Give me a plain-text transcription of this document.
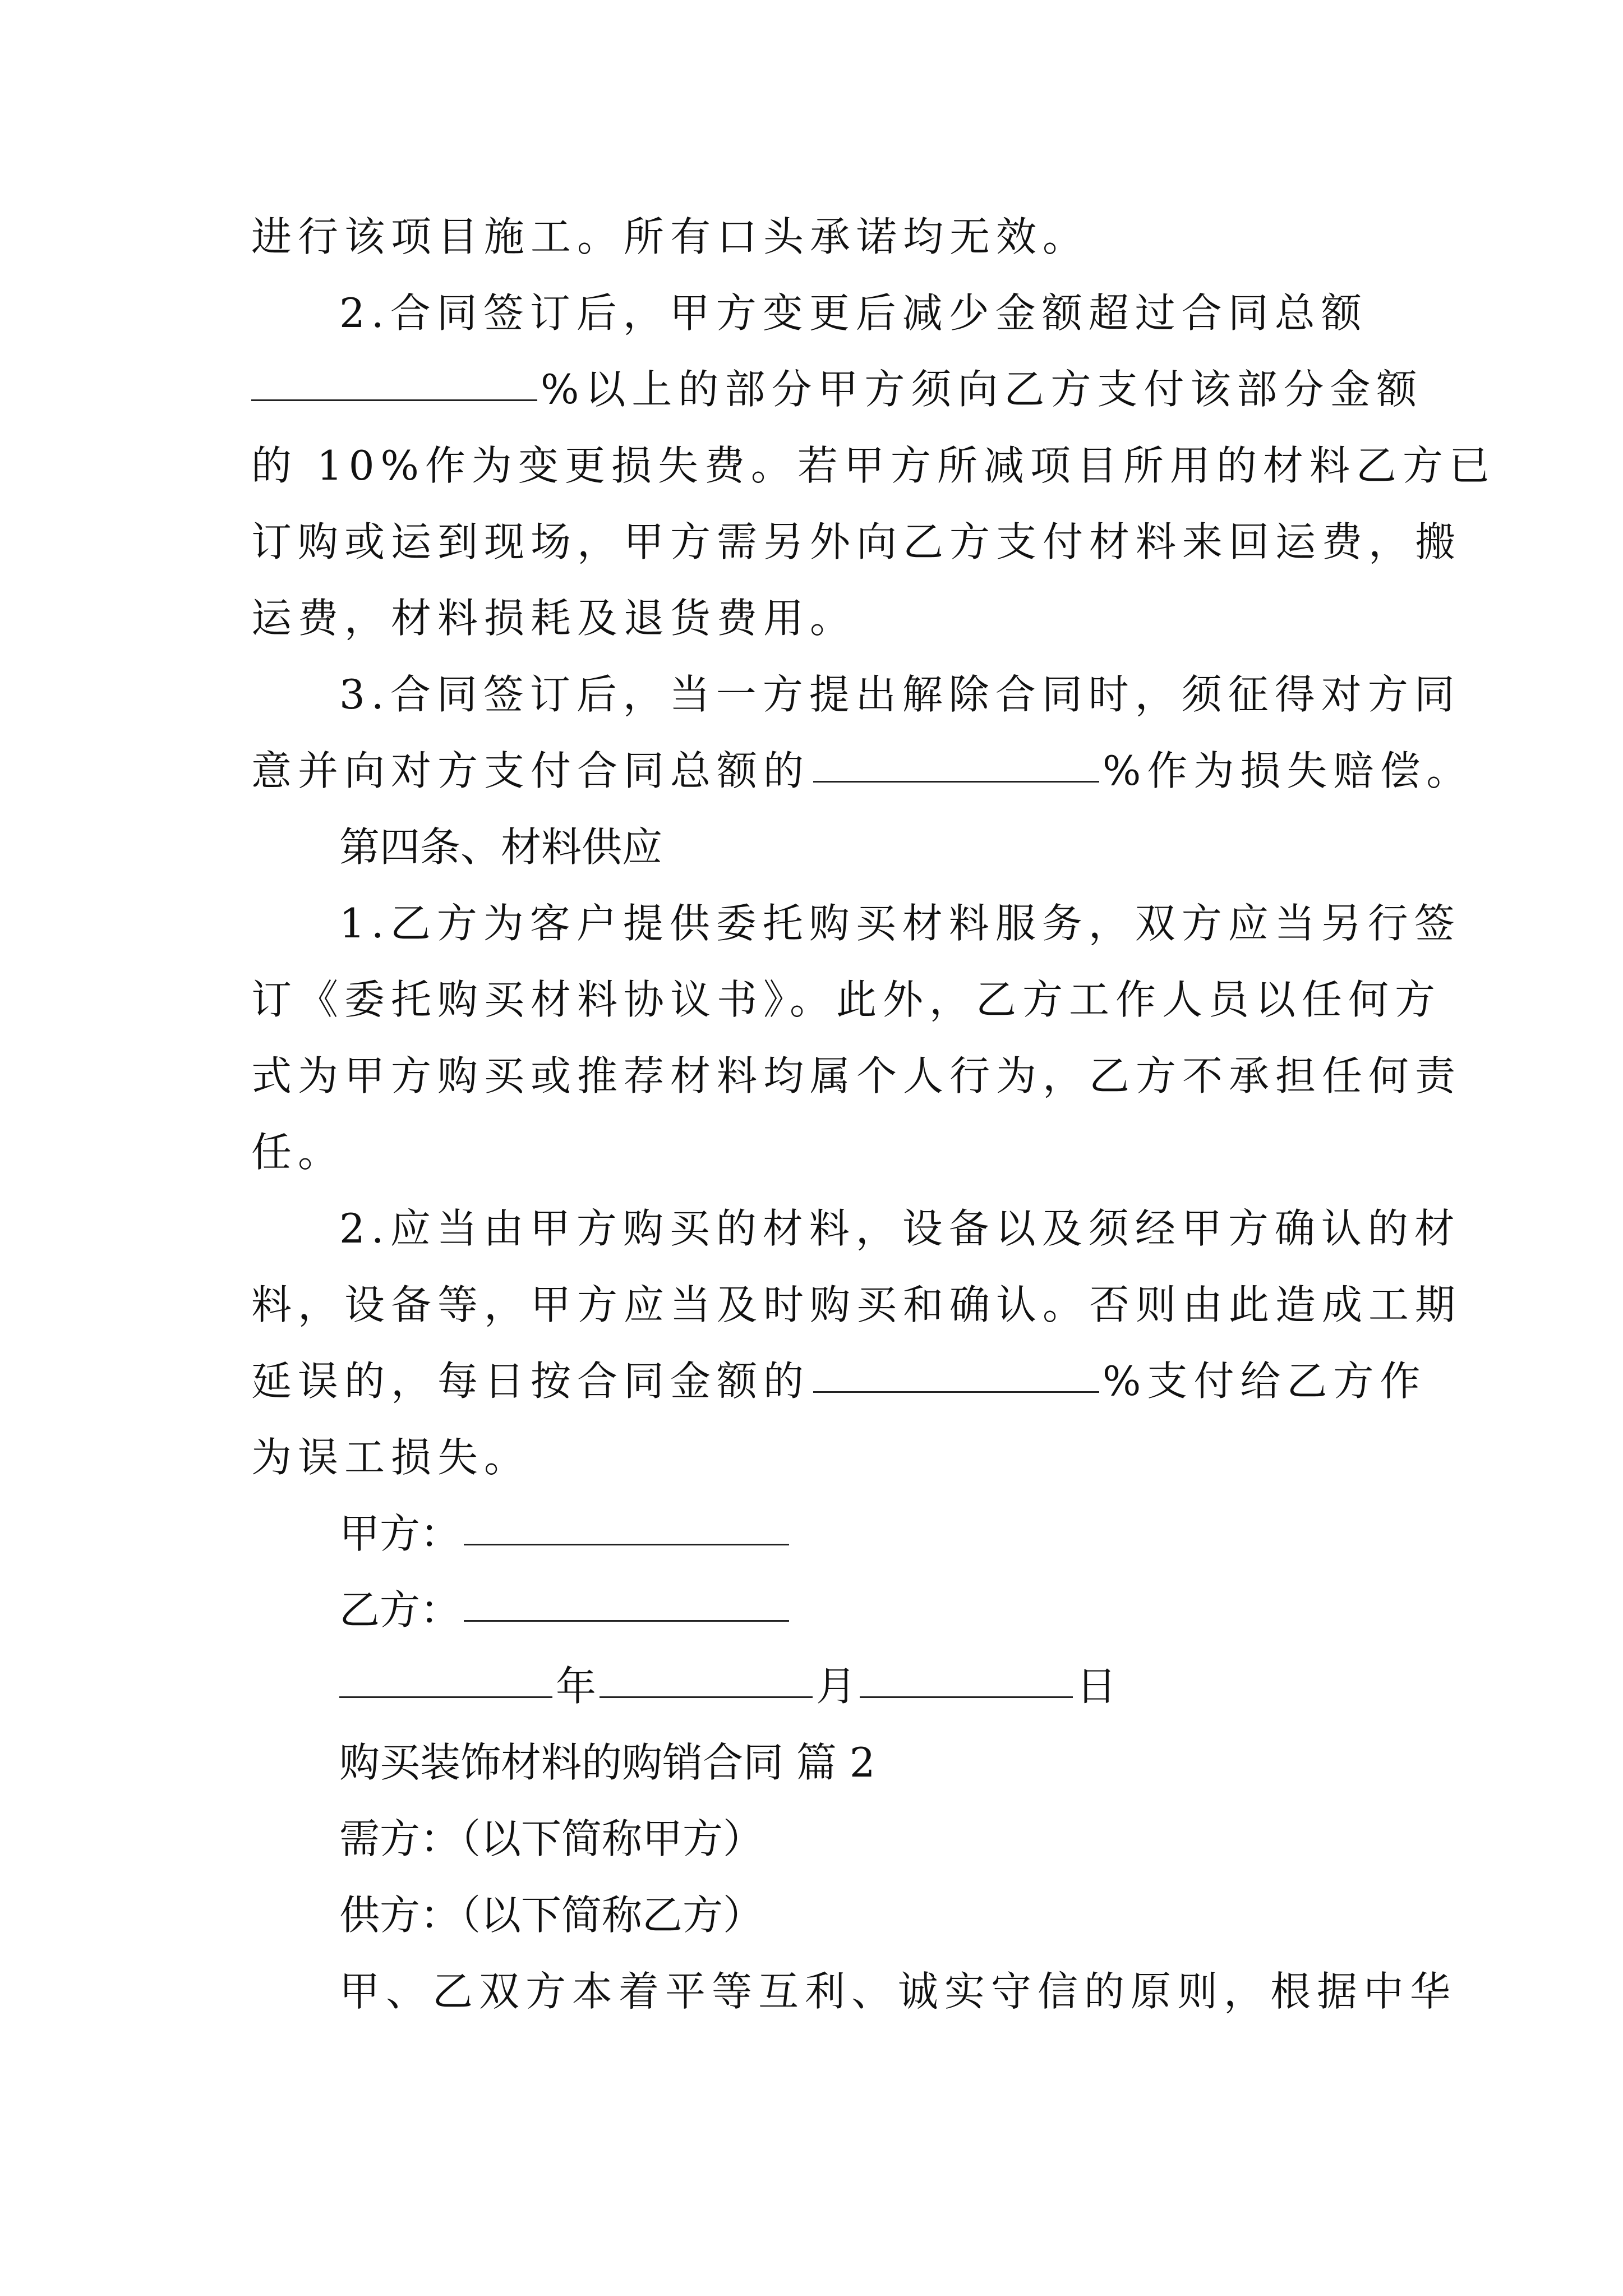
进行该项目施工。所有口头承诺均无效。
2.合同签订后，甲方变更后减少金额超过合同总额
%以上的部分甲方须向乙方支付该部分金额
的 10%作为变更损失费。若甲方所减项目所用的材料乙方已
订购或运到现场，甲方需另外向乙方支付材料来回运费，搬
运费，材料损耗及退货费用。
3.合同签订后，当一方提出解除合同时，须征得对方同
意并向对方支付合同总额的	%作为损失赔偿。
第四条、材料供应
1.乙方为客户提供委托购买材料服务，双方应当另行签
订《委托购买材料协议书》。此外，乙方工作人员以任何方
式为甲方购买或推荐材料均属个人行为，乙方不承担任何责
任。
2.应当由甲方购买的材料，设备以及须经甲方确认的材
料，设备等，甲方应当及时购买和确认。否则由此造成工期
延误的，每日按合同金额的	%支付给乙方作
为误工损失。
甲方：
乙方：
年	月	日
购买装饰材料的购销合同 篇 2
需方：（以下简称甲方）
供方：（以下简称乙方）
甲、乙双方本着平等互利、诚实守信的原则，根据中华
